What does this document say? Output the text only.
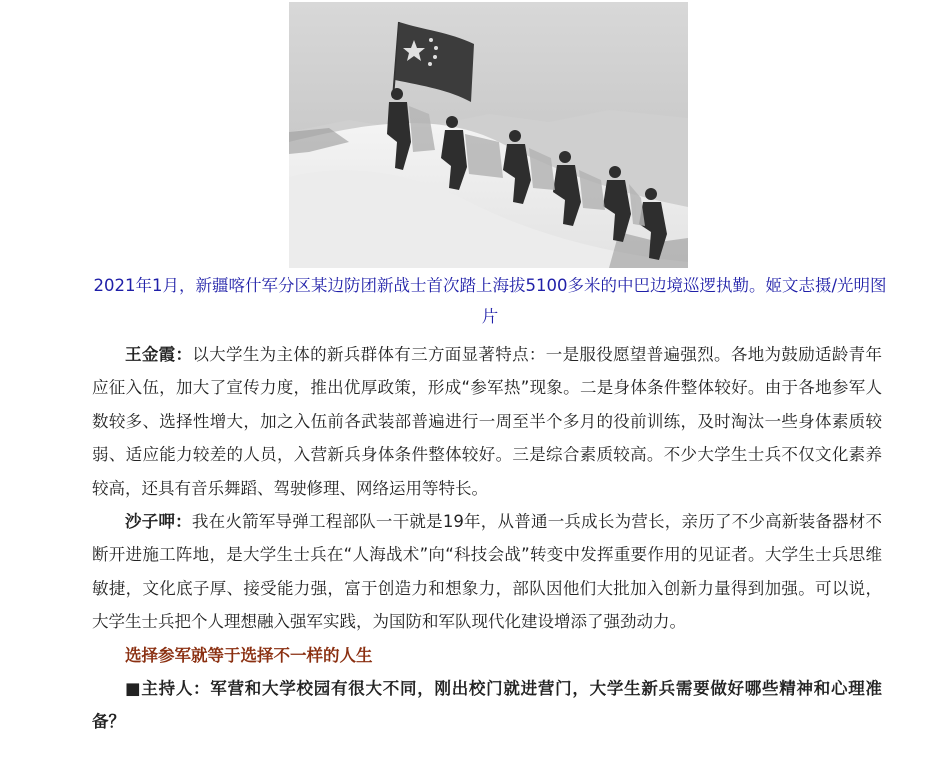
2021年1月，新疆喀什军分区某边防团新战士首次踏上海拔5100多米的中巴边境巡逻执勤。姬文志摄/光明图片

王金霞：以大学生为主体的新兵群体有三方面显著特点：一是服役愿望普遍强烈。各地为鼓励适龄青年应征入伍，加大了宣传力度，推出优厚政策，形成“参军热”现象。二是身体条件整体较好。由于各地参军人数较多、选择性增大，加之入伍前各武装部普遍进行一周至半个多月的役前训练，及时淘汰一些身体素质较弱、适应能力较差的人员，入营新兵身体条件整体较好。三是综合素质较高。不少大学生士兵不仅文化素养较高，还具有音乐舞蹈、驾驶修理、网络运用等特长。

沙子呷：我在火箭军导弹工程部队一干就是19年，从普通一兵成长为营长，亲历了不少高新装备器材不断开进施工阵地，是大学生士兵在“人海战术”向“科技会战”转变中发挥重要作用的见证者。大学生士兵思维敏捷，文化底子厚、接受能力强，富于创造力和想象力，部队因他们大批加入创新力量得到加强。可以说，大学生士兵把个人理想融入强军实践，为国防和军队现代化建设增添了强劲动力。

选择参军就等于选择不一样的人生

■主持人：军营和大学校园有很大不同，刚出校门就进营门，大学生新兵需要做好哪些精神和心理准备？
